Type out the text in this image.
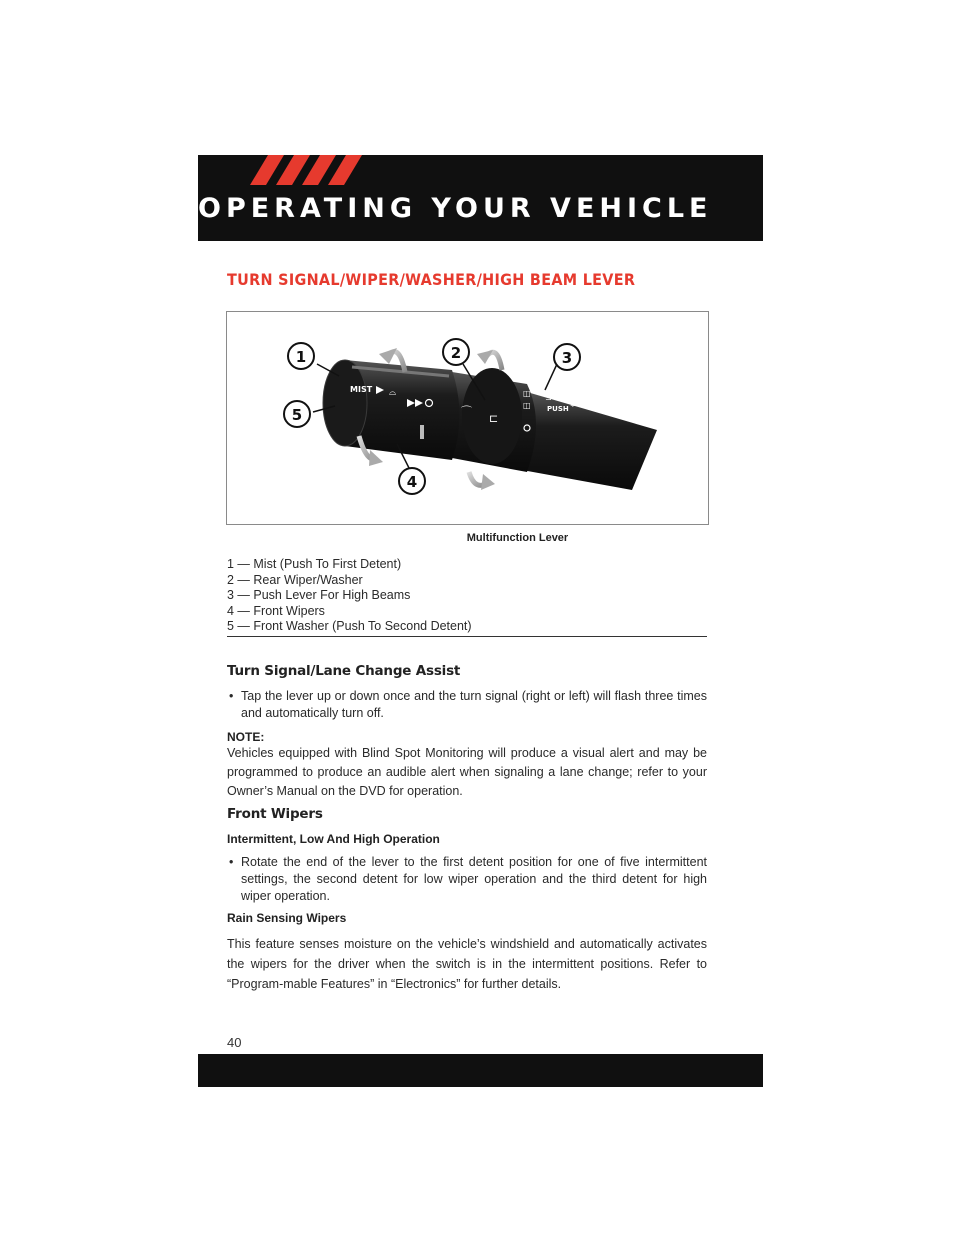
OPERATING YOUR VEHICLE
TURN SIGNAL/WIPER/WASHER/HIGH BEAM LEVER
MIST ⌓
⌒
⊏
◫
◫
PUSH
⊐
≑≑
1	2	3
4
5
Multifunction Lever
1 — Mist (Push To First Detent)
2 — Rear Wiper/Washer
3 — Push Lever For High Beams
4 — Front Wipers
5 — Front Washer (Push To Second Detent)
Turn Signal/Lane Change Assist
• Tap the lever up or down once and the turn signal (right or left) will flash three times and automatically turn off.
NOTE:
Vehicles equipped with Blind Spot Monitoring will produce a visual alert and may be programmed to produce an audible alert when signaling a lane change; refer to your Owner’s Manual on the DVD for operation.
Front Wipers
Intermittent, Low And High Operation
• Rotate the end of the lever to the first detent position for one of five intermittent settings, the second detent for low wiper operation and the third detent for high wiper operation.
Rain Sensing Wipers
This feature senses moisture on the vehicle’s windshield and automatically activates the wipers for the driver when the switch is in the intermittent positions. Refer to “Program-mable Features” in “Electronics” for further details.
40
